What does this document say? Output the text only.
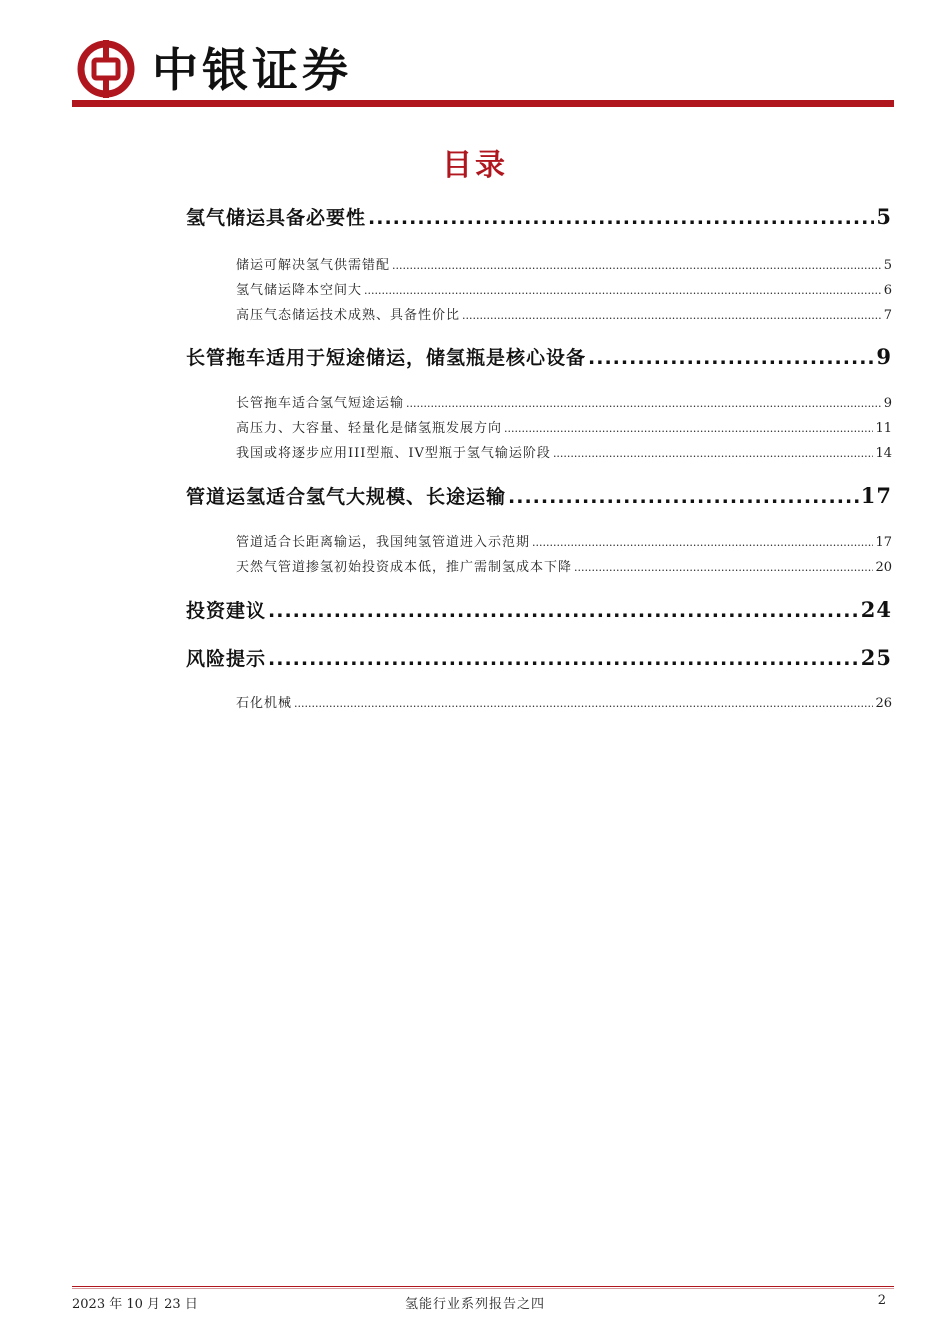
中银证券
目录
氢气储运具备必要性 .....	5
储运可解决氢气供需错配 .....	5
氢气储运降本空间大 .....	6
高压气态储运技术成熟、具备性价比 .....	7
长管拖车适用于短途储运，储氢瓶是核心设备 .....	9
长管拖车适合氢气短途运输 .....	9
高压力、大容量、轻量化是储氢瓶发展方向 .....	11
我国或将逐步应用III型瓶、IV型瓶于氢气输运阶段 .....	14
管道运氢适合氢气大规模、长途运输 .....	17
管道适合长距离输运，我国纯氢管道进入示范期 .....	17
天然气管道掺氢初始投资成本低，推广需制氢成本下降 .....	20
投资建议 .....	24
风险提示 .....	25
石化机械 .....	26
氢能行业系列报告之四
2023 年 10 月 23 日	2
